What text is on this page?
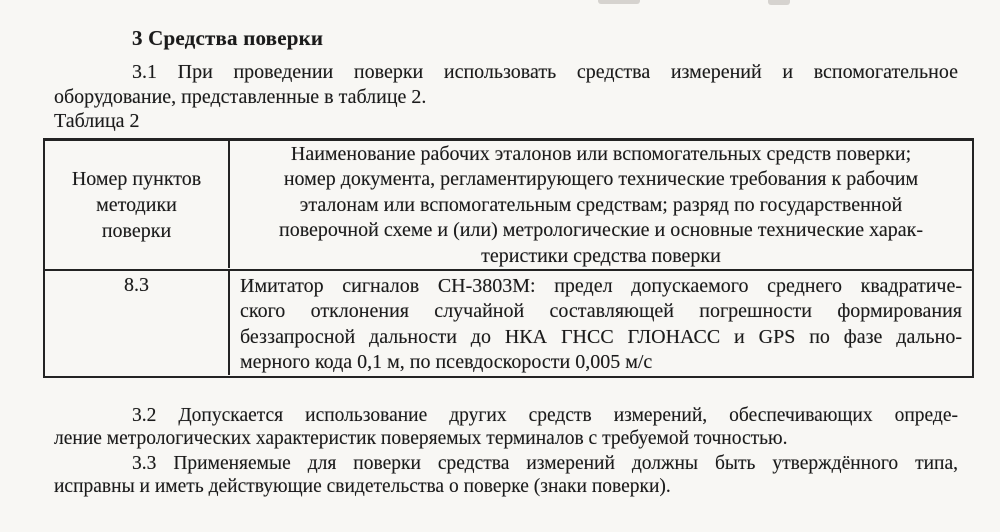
3 Средства поверки
3.1 При проведении поверки использовать средства измерений и вспомогательное
оборудование, представленные в таблице 2.
Таблица 2
Номер пунктов
методики
поверки
Наименование рабочих эталонов или вспомогательных средств поверки;
номер документа, регламентирующего технические требования к рабочим
эталонам или вспомогательным средствам; разряд по государственной
поверочной схеме и (или) метрологические и основные технические харак-
теристики средства поверки
8.3	Имитатор сигналов СН-3803М: предел допускаемого среднего квадратиче-
ского отклонения случайной составляющей погрешности формирования
беззапросной дальности до НКА ГНСС ГЛОНАСС и GPS по фазе дально-
мерного кода 0,1 м, по псевдоскорости 0,005 м/с
3.2 Допускается использование других средств измерений, обеспечивающих опреде-
ление метрологических характеристик поверяемых терминалов с требуемой точностью.
3.3 Применяемые для поверки средства измерений должны быть утверждённого типа,
исправны и иметь действующие свидетельства о поверке (знаки поверки).
